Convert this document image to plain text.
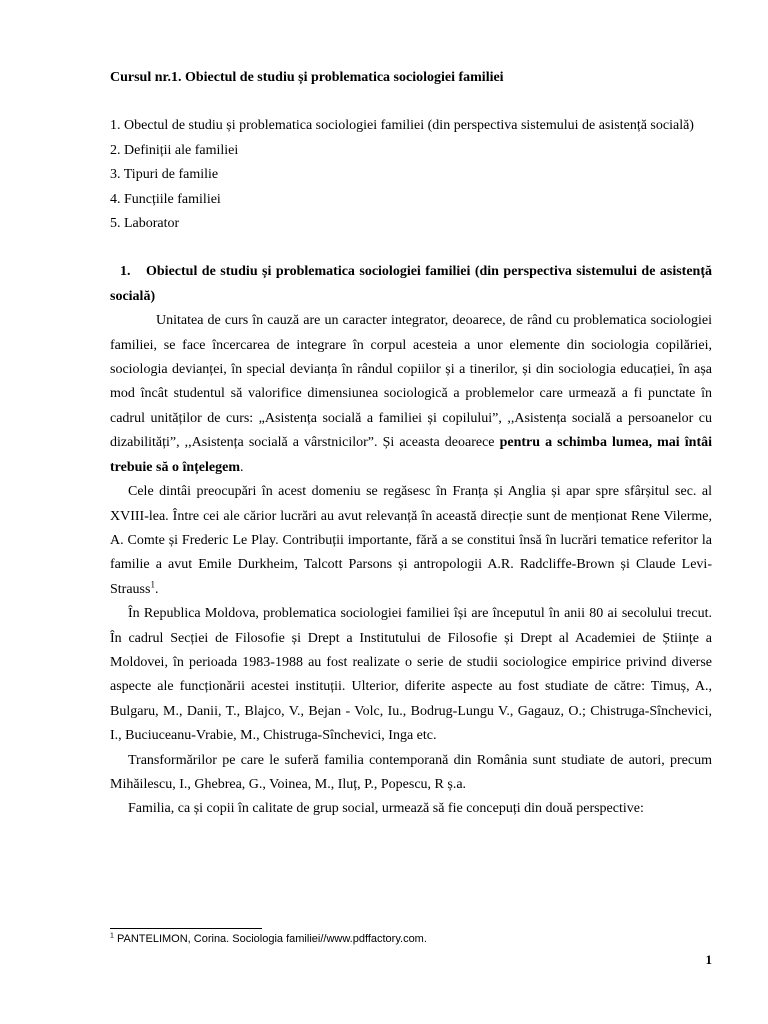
Cursul nr.1. Obiectul de studiu și problematica sociologiei familiei

1. Obectul de studiu și problematica sociologiei familiei (din perspectiva sistemului de asistență socială)
2. Definiții ale familiei
3. Tipuri de familie
4. Funcțiile familiei
5. Laborator

1. Obiectul de studiu și problematica sociologiei familiei (din perspectiva sistemului de asistență socială)

Unitatea de curs în cauză are un caracter integrator, deoarece, de rând cu problematica sociologiei familiei, se face încercarea de integrare în corpul acesteia a unor elemente din sociologia copilăriei, sociologia devianței, în special devianța în rândul copiilor și a tinerilor, și din sociologia educației, în așa mod încât studentul să valorifice dimensiunea sociologică a problemelor care urmează a fi punctate în cadrul unităților de curs: „Asistența socială a familiei și copilului”, ,,Asistența socială a persoanelor cu dizabilități”, ,,Asistența socială a vârstnicilor”. Și aceasta deoarece pentru a schimba lumea, mai întâi trebuie să o înțelegem.

Cele dintâi preocupări în acest domeniu se regăsesc în Franța și Anglia și apar spre sfârșitul sec. al XVIII-lea. Între cei ale cărior lucrări au avut relevanță în această direcție sunt de menționat Rene Vilerme, A. Comte și Frederic Le Play. Contribuții importante, fără a se constitui însă în lucrări tematice referitor la familie a avut Emile Durkheim, Talcott Parsons și antropologii A.R. Radcliffe-Brown și Claude Levi- Strauss$^1$.

În Republica Moldova, problematica sociologiei familiei își are începutul în anii 80 ai secolului trecut. În cadrul Secției de Filosofie și Drept a Institutului de Filosofie și Drept al Academiei de Științe a Moldovei, în perioada 1983-1988 au fost realizate o serie de studii sociologice empirice privind diverse aspecte ale funcționării acestei instituții. Ulterior, diferite aspecte au fost studiate de către: Timuș, A., Bulgaru, M., Danii, T., Blajco, V., Bejan - Volc, Iu., Bodrug-Lungu V., Gagauz, O.; Chistruga-Sînchevici, I., Buciuceanu-Vrabie, M., Chistruga-Sînchevici, Inga etc.

Transformărilor pe care le suferă familia contemporană din România sunt studiate de autori, precum Mihăilescu, I., Ghebrea, G., Voinea, M., Iluț, P., Popescu, R ș.a.

Familia, ca și copii în calitate de grup social, urmează să fie concepuți din două perspective:

$^1$ PANTELIMON, Corina. Sociologia familiei//www.pdffactory.com.
1
